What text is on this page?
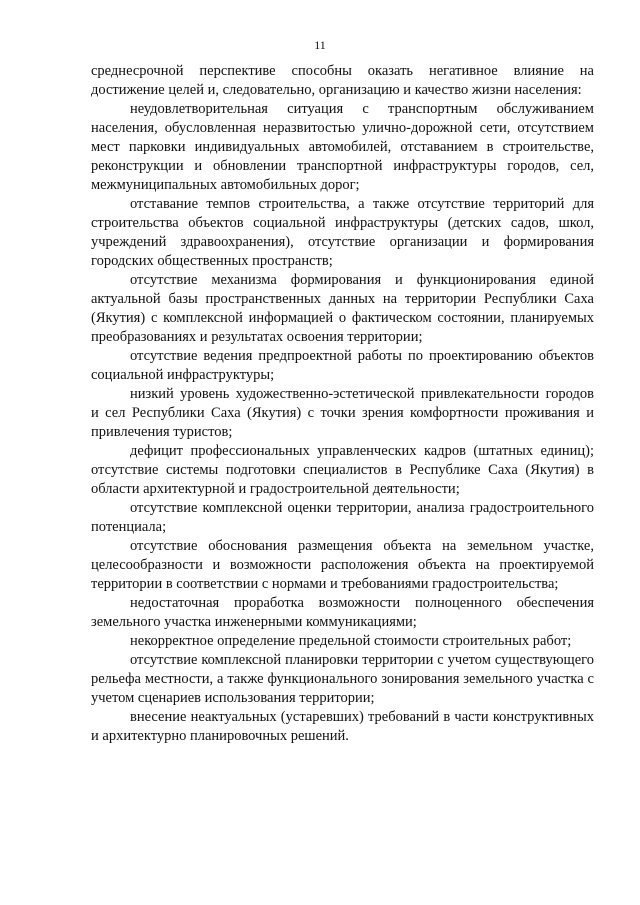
11

среднесрочной перспективе способны оказать негативное влияние на достижение целей и, следовательно, организацию и качество жизни населения:

неудовлетворительная ситуация с транспортным обслуживанием населения, обусловленная неразвитостью улично-дорожной сети, отсутствием мест парковки индивидуальных автомобилей, отставанием в строительстве, реконструкции и обновлении транспортной инфраструктуры городов, сел, межмуниципальных автомобильных дорог;

отставание темпов строительства, а также отсутствие территорий для строительства объектов социальной инфраструктуры (детских садов, школ, учреждений здравоохранения), отсутствие организации и формирования городских общественных пространств;

отсутствие механизма формирования и функционирования единой актуальной базы пространственных данных на территории Республики Саха (Якутия) с комплексной информацией о фактическом состоянии, планируемых преобразованиях и результатах освоения территории;

отсутствие ведения предпроектной работы по проектированию объектов социальной инфраструктуры;

низкий уровень художественно-эстетической привлекательности городов и сел Республики Саха (Якутия) с точки зрения комфортности проживания и привлечения туристов;

дефицит профессиональных управленческих кадров (штатных единиц); отсутствие системы подготовки специалистов в Республике Саха (Якутия) в области архитектурной и градостроительной деятельности;

отсутствие комплексной оценки территории, анализа градостроительного потенциала;

отсутствие обоснования размещения объекта на земельном участке, целесообразности и возможности расположения объекта на проектируемой территории в соответствии с нормами и требованиями градостроительства;

недостаточная проработка возможности полноценного обеспечения земельного участка инженерными коммуникациями;

некорректное определение предельной стоимости строительных работ;

отсутствие комплексной планировки территории с учетом существующего рельефа местности, а также функционального зонирования земельного участка с учетом сценариев использования территории;

внесение неактуальных (устаревших) требований в части конструктивных и архитектурно планировочных решений.
